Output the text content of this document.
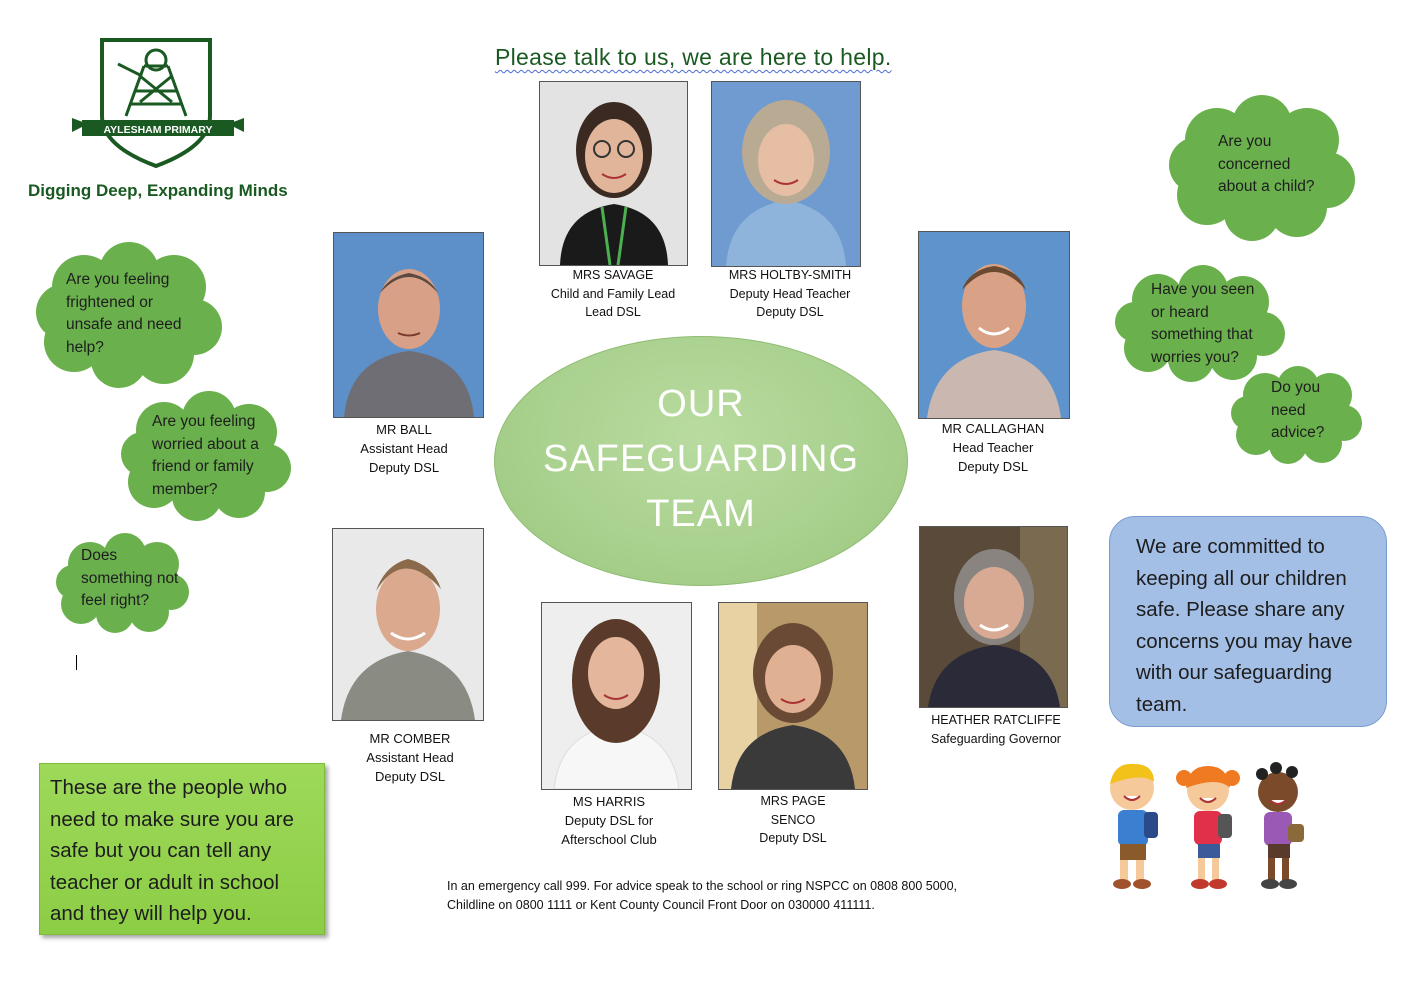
AYLESHAM PRIMARY
Digging Deep, Expanding Minds
Please talk to us, we are here to help.
Are you feeling
frightened or
unsafe and need
help?
Are you feeling
worried about a
friend or family
member?
Does
something not
feel right?
Are you
concerned
about a child?
Have you seen
or heard
something that
worries you?
Do you
need
advice?
OUR
SAFEGUARDING
TEAM
MRS SAVAGE
Child and Family Lead
Lead DSL
MRS HOLTBY-SMITH
Deputy Head Teacher
Deputy DSL
MR BALL
Assistant Head
Deputy DSL
MR CALLAGHAN
Head Teacher
Deputy DSL
MR COMBER
Assistant Head
Deputy DSL
MS HARRIS
Deputy DSL for
Afterschool Club
MRS PAGE
SENCO
Deputy DSL
HEATHER RATCLIFFE
Safeguarding Governor
These are the people who
need to make sure you are
safe but you can tell any
teacher or adult in school
and they will help you.
We are committed to
keeping all our children
safe. Please share any
concerns you may have
with our safeguarding
team.
In an emergency call 999. For advice speak to the school or ring NSPCC on 0808 800 5000,
Childline on 0800 1111 or Kent County Council Front Door on 030000 411111.
